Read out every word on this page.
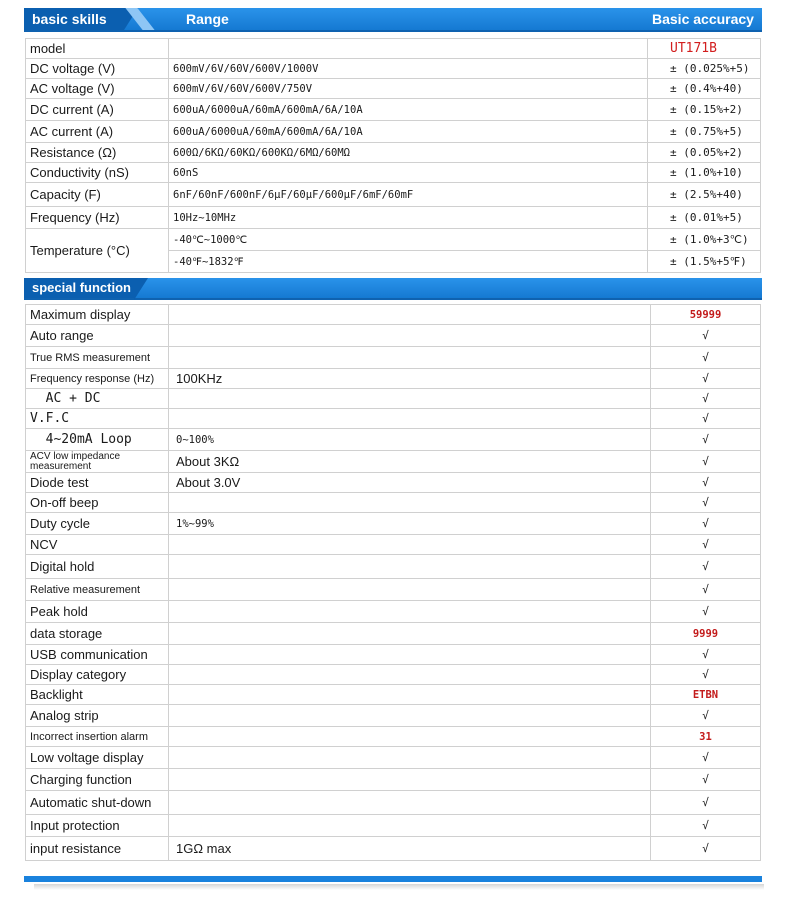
basic skills	Range	Basic accuracy
model		UT171B
DC voltage (V)	600mV/6V/60V/600V/1000V	± (0.025%+5)
AC voltage (V)	600mV/6V/60V/600V/750V	± (0.4%+40)
DC current (A)	600uA/6000uA/60mA/600mA/6A/10A	± (0.15%+2)
AC current (A)	600uA/6000uA/60mA/600mA/6A/10A	± (0.75%+5)
Resistance (Ω)	600Ω/6KΩ/60KΩ/600KΩ/6MΩ/60MΩ	± (0.05%+2)
Conductivity (nS)	60nS	± (1.0%+10)
Capacity (F)	6nF/60nF/600nF/6μF/60μF/600μF/6mF/60mF	± (2.5%+40)
Frequency (Hz)	10Hz~10MHz	± (0.01%+5)
Temperature (°C)	-40℃~1000℃	± (1.0%+3℃)
	-40℉~1832℉	± (1.5%+5℉)
special function
Maximum display		59999
Auto range		√
True RMS measurement		√
Frequency response (Hz)	100KHz	√
AC + DC		√
V.F.C		√
4~20mA Loop	0~100%	√
ACV low impedance measurement	About 3KΩ	√
Diode test	About 3.0V	√
On-off beep		√
Duty cycle	1%~99%	√
NCV		√
Digital hold		√
Relative measurement		√
Peak hold		√
data storage		9999
USB communication		√
Display category		√
Backlight		ETBN
Analog strip		√
Incorrect insertion alarm		31
Low voltage display		√
Charging function		√
Automatic shut-down		√
Input protection		√
input resistance	1GΩ max	√
